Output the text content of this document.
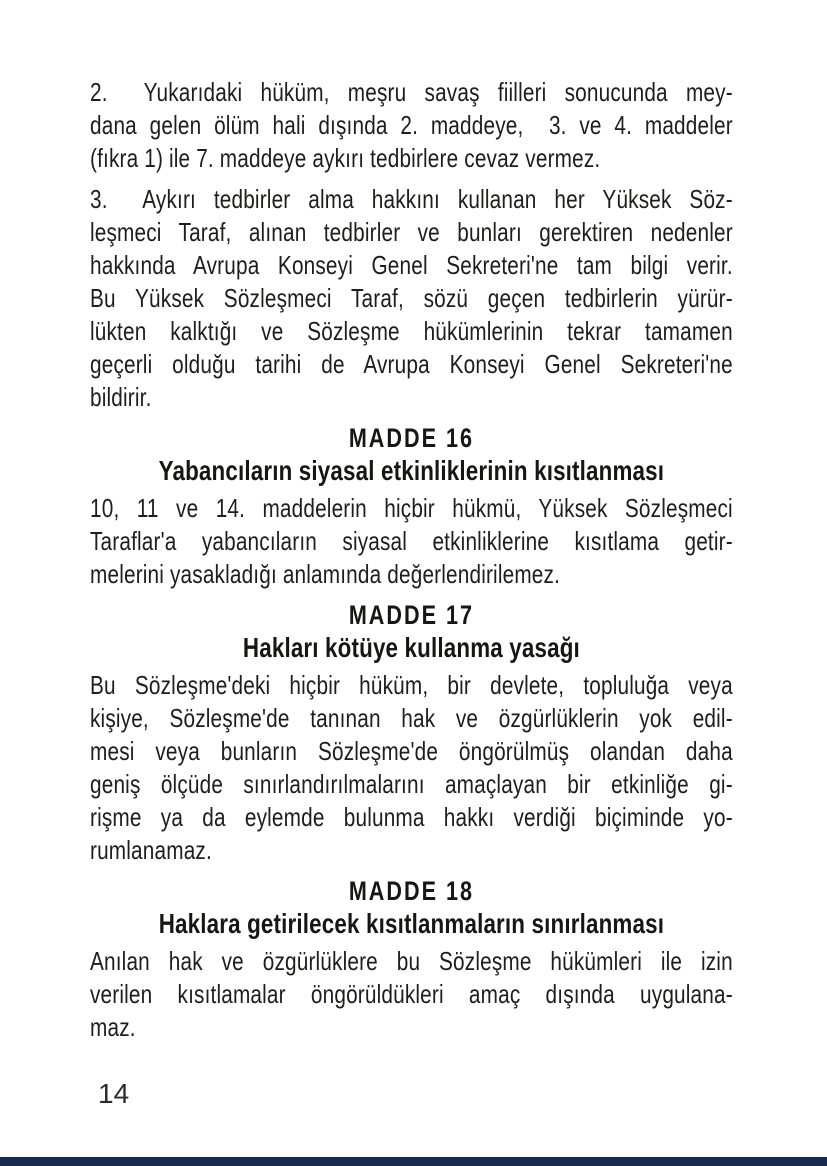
2.  Yukarıdaki hüküm, meşru savaş fiilleri sonucunda mey-
dana gelen ölüm hali dışında 2. maddeye,  3. ve 4. maddeler
(fıkra 1) ile 7. maddeye aykırı tedbirlere cevaz vermez.
3.  Aykırı tedbirler alma hakkını kullanan her Yüksek Söz-
leşmeci Taraf, alınan tedbirler ve bunları gerektiren nedenler
hakkında Avrupa Konseyi Genel Sekreteri'ne tam bilgi verir.
Bu Yüksek Sözleşmeci Taraf, sözü geçen tedbirlerin yürür-
lükten kalktığı ve Sözleşme hükümlerinin tekrar tamamen
geçerli olduğu tarihi de Avrupa Konseyi Genel Sekreteri'ne
bildirir.
MADDE 16
Yabancıların siyasal etkinliklerinin kısıtlanması
10, 11 ve 14. maddelerin hiçbir hükmü, Yüksek Sözleşmeci
Taraflar'a yabancıların siyasal etkinliklerine kısıtlama getir-
melerini yasakladığı anlamında değerlendirilemez.
MADDE 17
Hakları kötüye kullanma yasağı
Bu Sözleşme'deki hiçbir hüküm, bir devlete, topluluğa veya
kişiye, Sözleşme'de tanınan hak ve özgürlüklerin yok edil-
mesi veya bunların Sözleşme'de öngörülmüş olandan daha
geniş ölçüde sınırlandırılmalarını amaçlayan bir etkinliğe gi-
rişme ya da eylemde bulunma hakkı verdiği biçiminde yo-
rumlanamaz.
MADDE 18
Haklara getirilecek kısıtlanmaların sınırlanması
Anılan hak ve özgürlüklere bu Sözleşme hükümleri ile izin
verilen kısıtlamalar öngörüldükleri amaç dışında uygulana-
maz.
14
